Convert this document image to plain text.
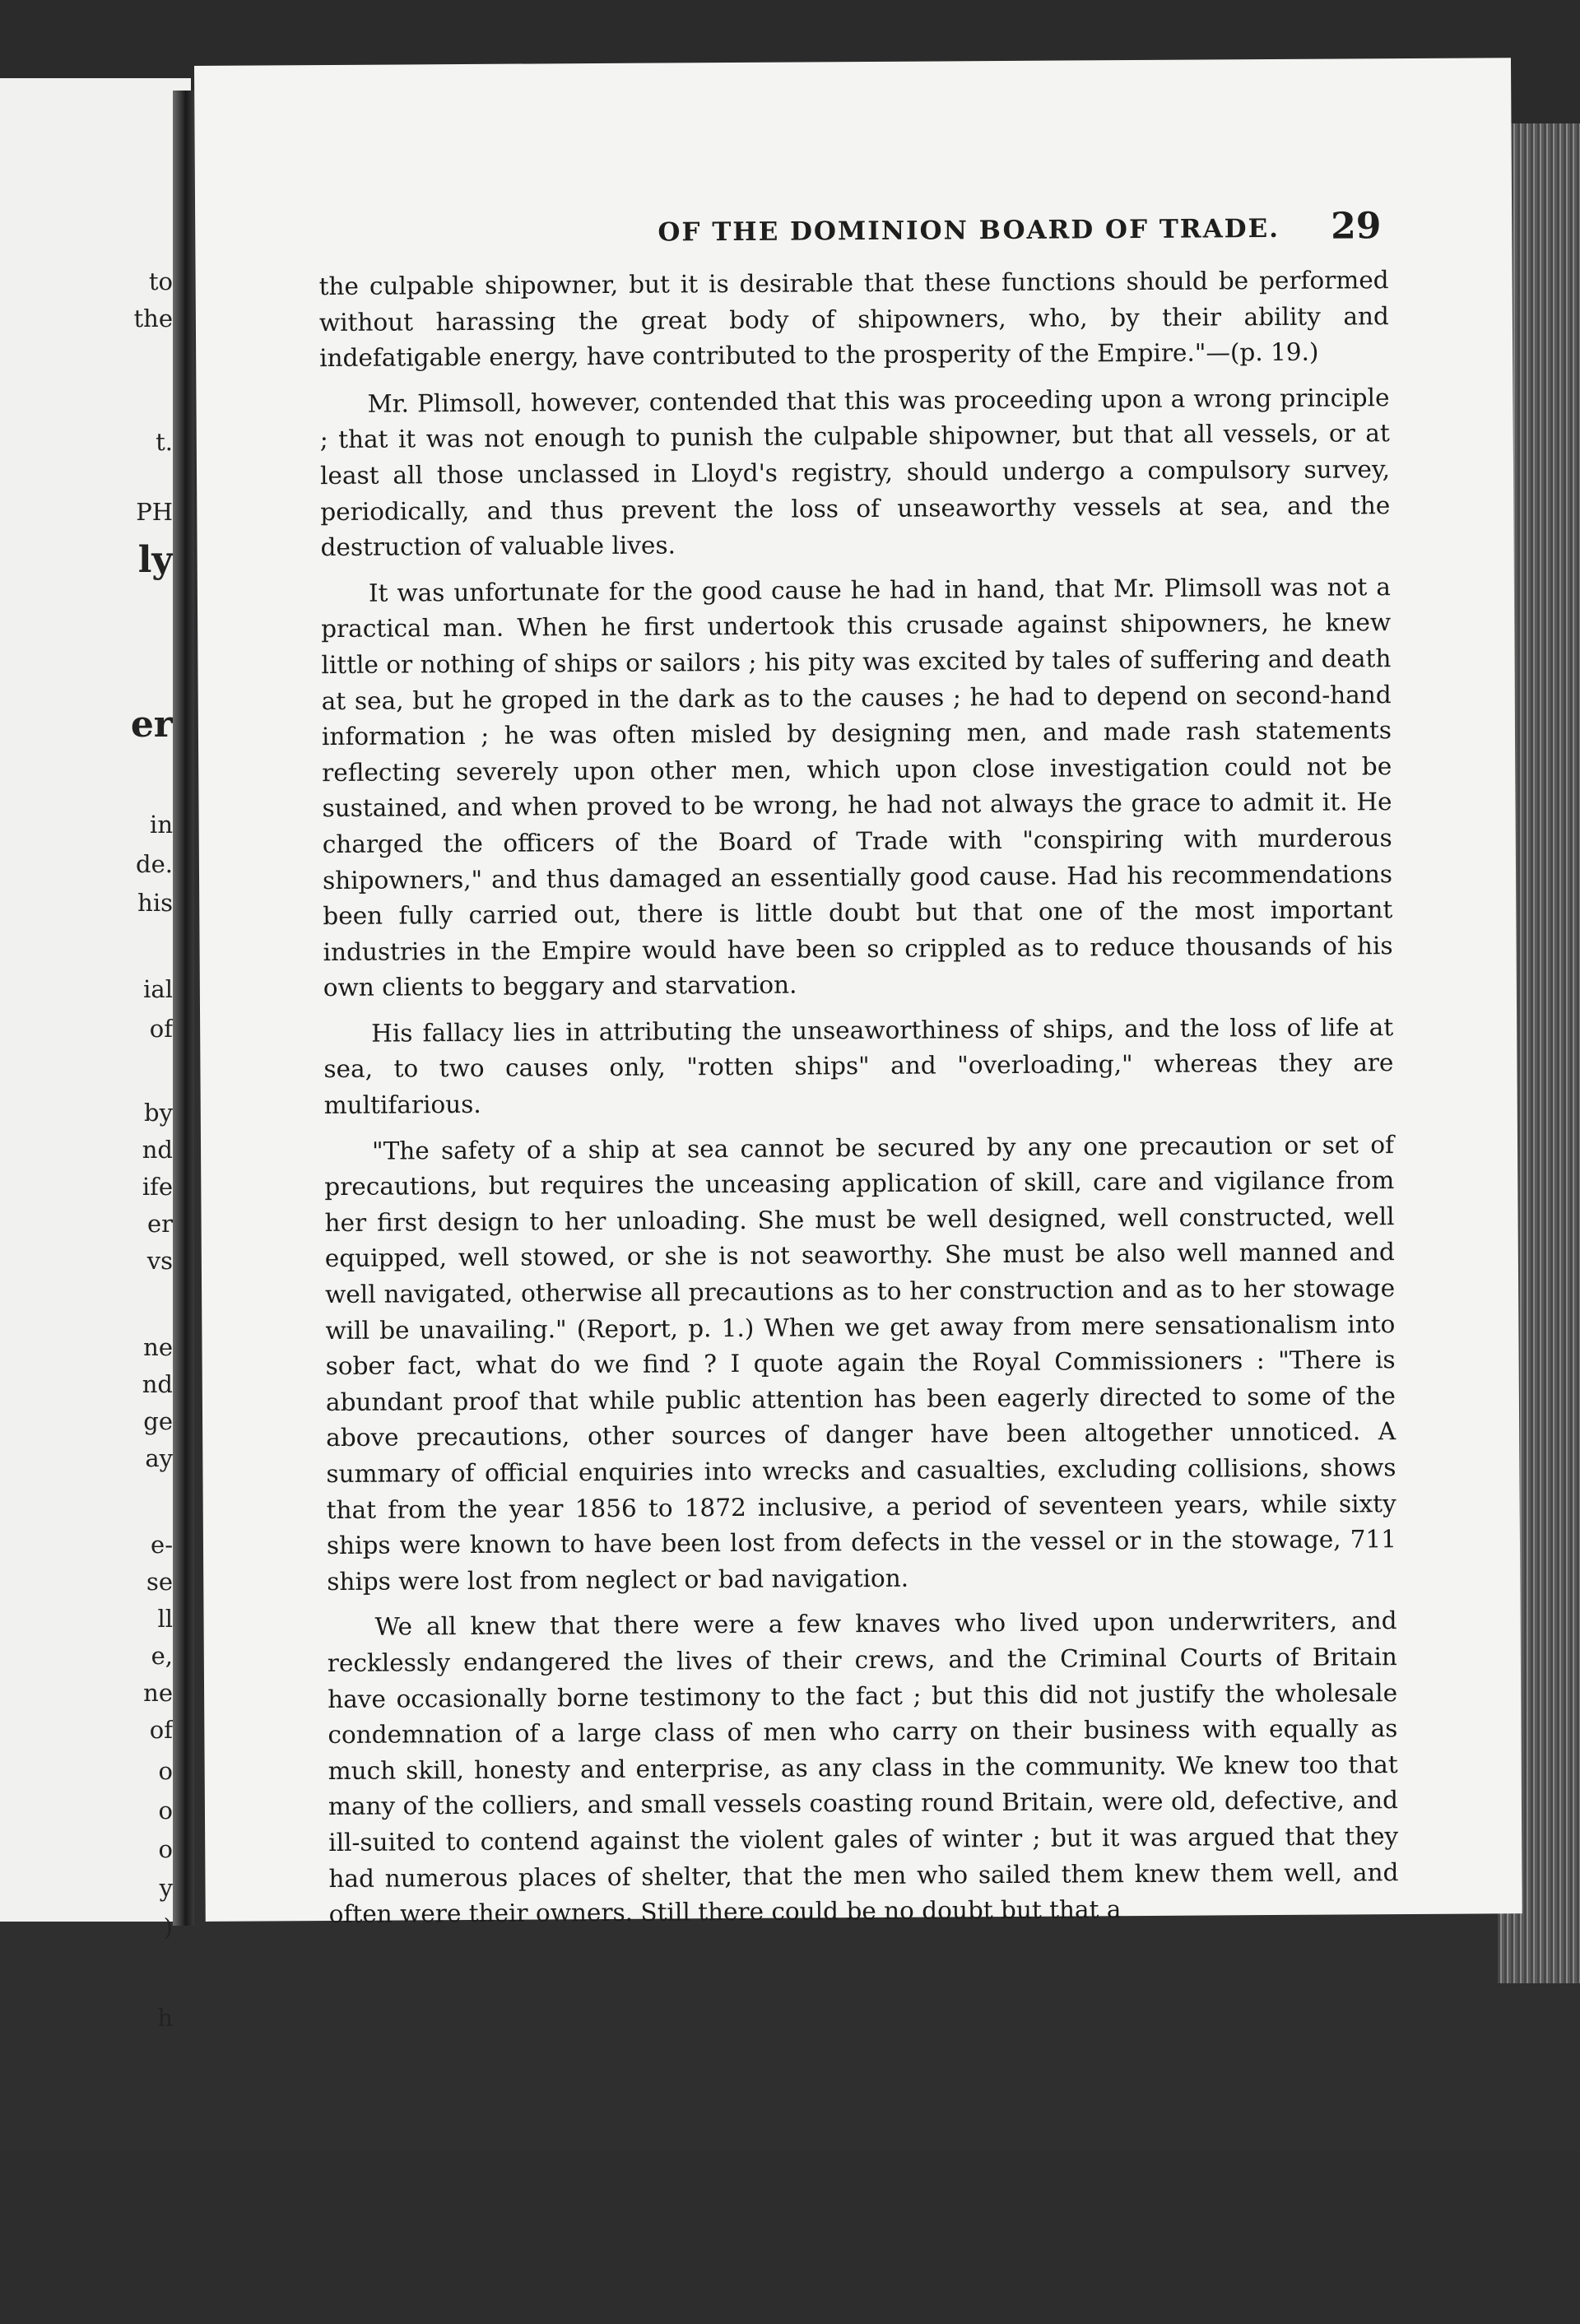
to
the
t.
PH
ly
er
in
de.
his
ial
of
by
nd
ife
er
vs
ne
nd
ge
ay
e-
se
ll
e,
ne
of
o
o
o
y
)
h
OF THE DOMINION BOARD OF TRADE.	29

the culpable shipowner, but it is desirable that these functions should be performed without harassing the great body of shipowners, who, by their ability and indefatigable energy, have contributed to the prosperity of the Empire."—(p. 19.)

Mr. Plimsoll, however, contended that this was proceeding upon a wrong principle ; that it was not enough to punish the culpable shipowner, but that all vessels, or at least all those unclassed in Lloyd's registry, should undergo a compulsory survey, periodically, and thus prevent the loss of unseaworthy vessels at sea, and the destruction of valuable lives.

It was unfortunate for the good cause he had in hand, that Mr. Plimsoll was not a practical man. When he first undertook this crusade against shipowners, he knew little or nothing of ships or sailors ; his pity was excited by tales of suffering and death at sea, but he groped in the dark as to the causes ; he had to depend on second-hand information ; he was often misled by designing men, and made rash statements reflecting severely upon other men, which upon close investigation could not be sustained, and when proved to be wrong, he had not always the grace to admit it. He charged the officers of the Board of Trade with "conspiring with murderous shipowners," and thus damaged an essentially good cause. Had his recommendations been fully carried out, there is little doubt but that one of the most important industries in the Empire would have been so crippled as to reduce thousands of his own clients to beggary and starvation.

His fallacy lies in attributing the unseaworthiness of ships, and the loss of life at sea, to two causes only, "rotten ships" and "overloading," whereas they are multifarious.

"The safety of a ship at sea cannot be secured by any one precaution or set of precautions, but requires the unceasing application of skill, care and vigilance from her first design to her unloading. She must be well designed, well constructed, well equipped, well stowed, or she is not seaworthy. She must be also well manned and well navigated, otherwise all precautions as to her construction and as to her stowage will be unavailing." (Report, p. 1.) When we get away from mere sensationalism into sober fact, what do we find ? I quote again the Royal Commissioners : "There is abundant proof that while public attention has been eagerly directed to some of the above precautions, other sources of danger have been altogether unnoticed. A summary of official enquiries into wrecks and casualties, excluding collisions, shows that from the year 1856 to 1872 inclusive, a period of seventeen years, while sixty ships were known to have been lost from defects in the vessel or in the stowage, 711 ships were lost from neglect or bad navigation.

We all knew that there were a few knaves who lived upon underwriters, and recklessly endangered the lives of their crews, and the Criminal Courts of Britain have occasionally borne testimony to the fact ; but this did not justify the wholesale condemnation of a large class of men who carry on their business with equally as much skill, honesty and enterprise, as any class in the community. We knew too that many of the colliers, and small vessels coasting round Britain, were old, defective, and ill-suited to contend against the violent gales of winter ; but it was argued that they had numerous places of shelter, that the men who sailed them knew them well, and often were their owners. Still there could be no doubt but that a
